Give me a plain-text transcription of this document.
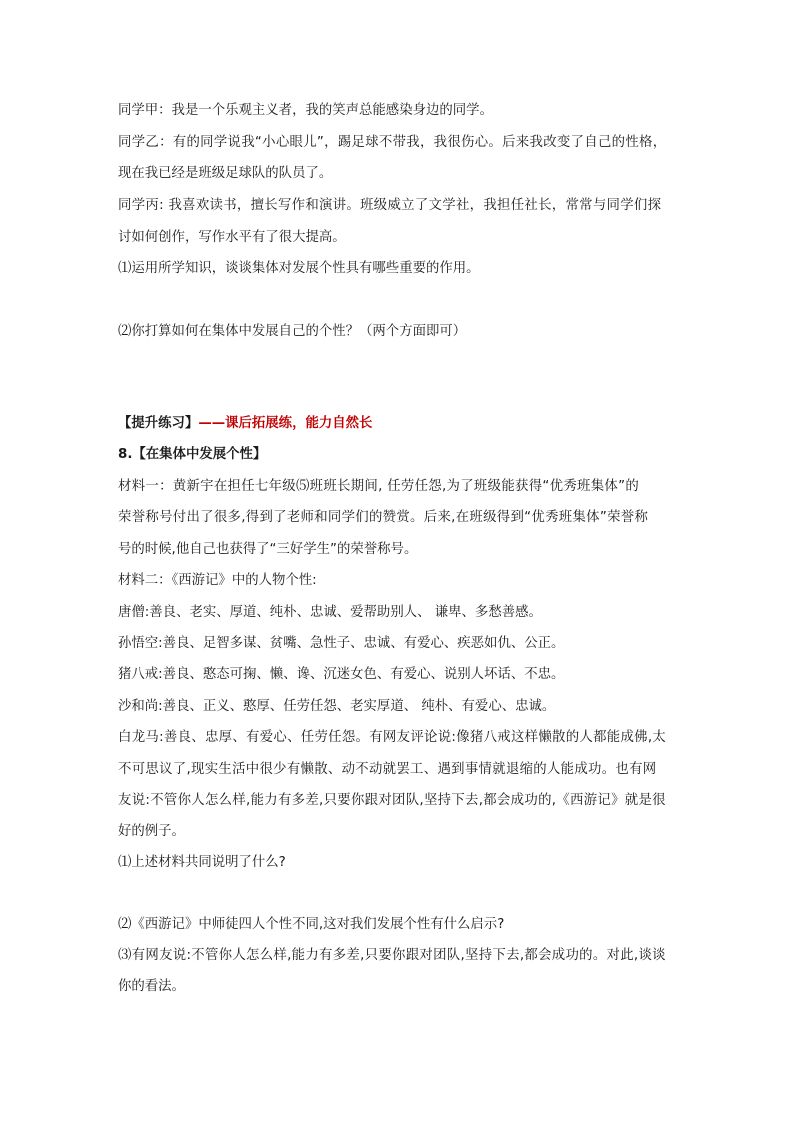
同学甲：我是一个乐观主义者，我的笑声总能感染身边的同学。
同学乙：有的同学说我“小心眼儿”，踢足球不带我，我很伤心。后来我改变了自己的性格，
现在我已经是班级足球队的队员了。
同学丙: 我喜欢读书，擅长写作和演讲。班级威立了文学社，我担任社长，常常与同学们探
讨如何创作，写作水平有了很大提高。
⑴运用所学知识，谈谈集体对发展个性具有哪些重要的作用。
⑵你打算如何在集体中发展自己的个性？（两个方面即可）
【提升练习】——课后拓展练，能力自然长
8.【在集体中发展个性】
材料一：黄新宇在担任七年级⑸班班长期间, 任劳任怨,为了班级能获得“优秀班集体”的
荣誉称号付出了很多,得到了老师和同学们的赞赏。后来,在班级得到“优秀班集体”荣誉称
号的时候,他自己也获得了“三好学生”的荣誉称号。
材料二：《西游记》中的人物个性:
唐僧:善良、老实、厚道、纯朴、忠诚、爱帮助别人、 谦卑、多愁善感。
孙悟空:善良、足智多谋、贫嘴、急性子、忠诚、有爱心、疾恶如仇、公正。
猪八戒:善良、憨态可掬、懒、谗、沉迷女色、有爱心、说别人坏话、不忠。
沙和尚:善良、正义、憨厚、任劳任怨、老实厚道、 纯朴、有爱心、忠诚。
白龙马:善良、忠厚、有爱心、任劳任怨。有网友评论说:像猪八戒这样懒散的人都能成佛,太
不可思议了,现实生活中很少有懒散、动不动就罢工、遇到事情就退缩的人能成功。也有网
友说:不管你人怎么样,能力有多差,只要你跟对团队,坚持下去,都会成功的,《西游记》就是很
好的例子。
⑴上述材料共同说明了什么?
⑵《西游记》中师徒四人个性不同,这对我们发展个性有什么启示?
⑶有网友说:不管你人怎么样,能力有多差,只要你跟对团队,坚持下去,都会成功的。对此,谈谈
你的看法。
